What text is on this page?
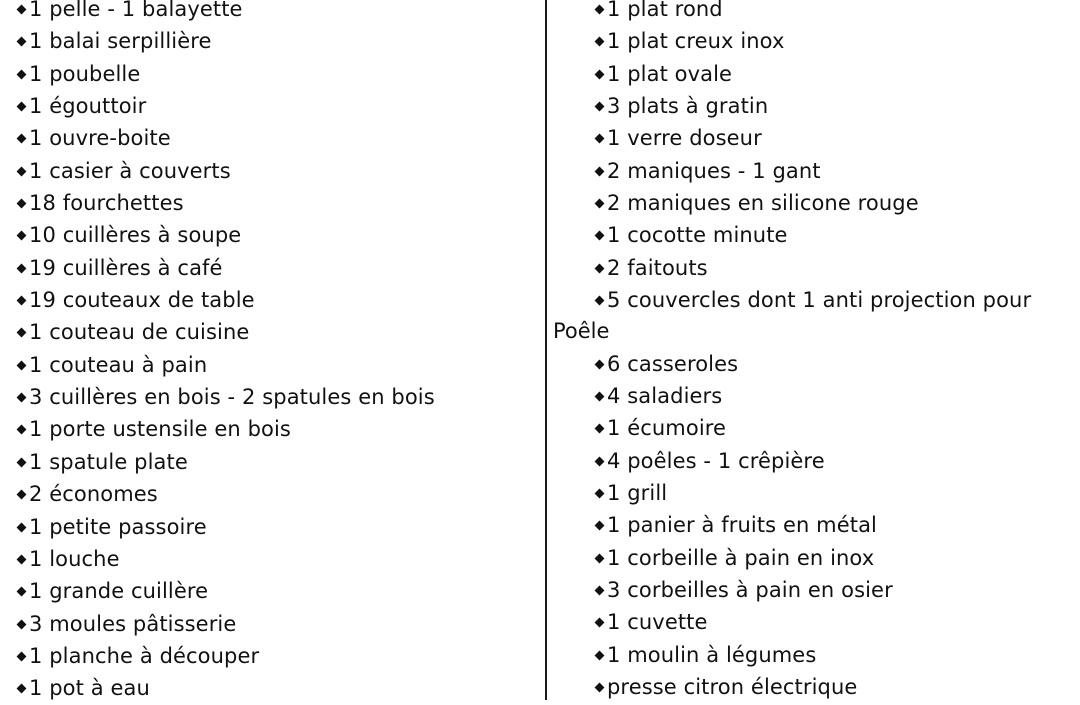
1 pelle - 1 balayette
1 balai serpillière
1 poubelle
1 égouttoir
1 ouvre-boite
1 casier à couverts
18 fourchettes
10 cuillères à soupe
19 cuillères à café
19 couteaux de table
1 couteau de cuisine
1 couteau à pain
3 cuillères en bois - 2 spatules en bois
1 porte ustensile en bois
1 spatule plate
2 économes
1 petite passoire
1 louche
1 grande cuillère
3 moules pâtisserie
1 planche à découper
1 pot à eau
1 plat rond
1 plat creux inox
1 plat ovale
3 plats à gratin
1 verre doseur
2 maniques - 1 gant
2 maniques en silicone rouge
1 cocotte minute
2 faitouts
5 couvercles dont 1 anti projection pour
Poêle
6 casseroles
4 saladiers
1 écumoire
4 poêles - 1 crêpière
1 grill
1 panier à fruits en métal
1 corbeille à pain en inox
3 corbeilles à pain en osier
1 cuvette
1 moulin à légumes
presse citron électrique
